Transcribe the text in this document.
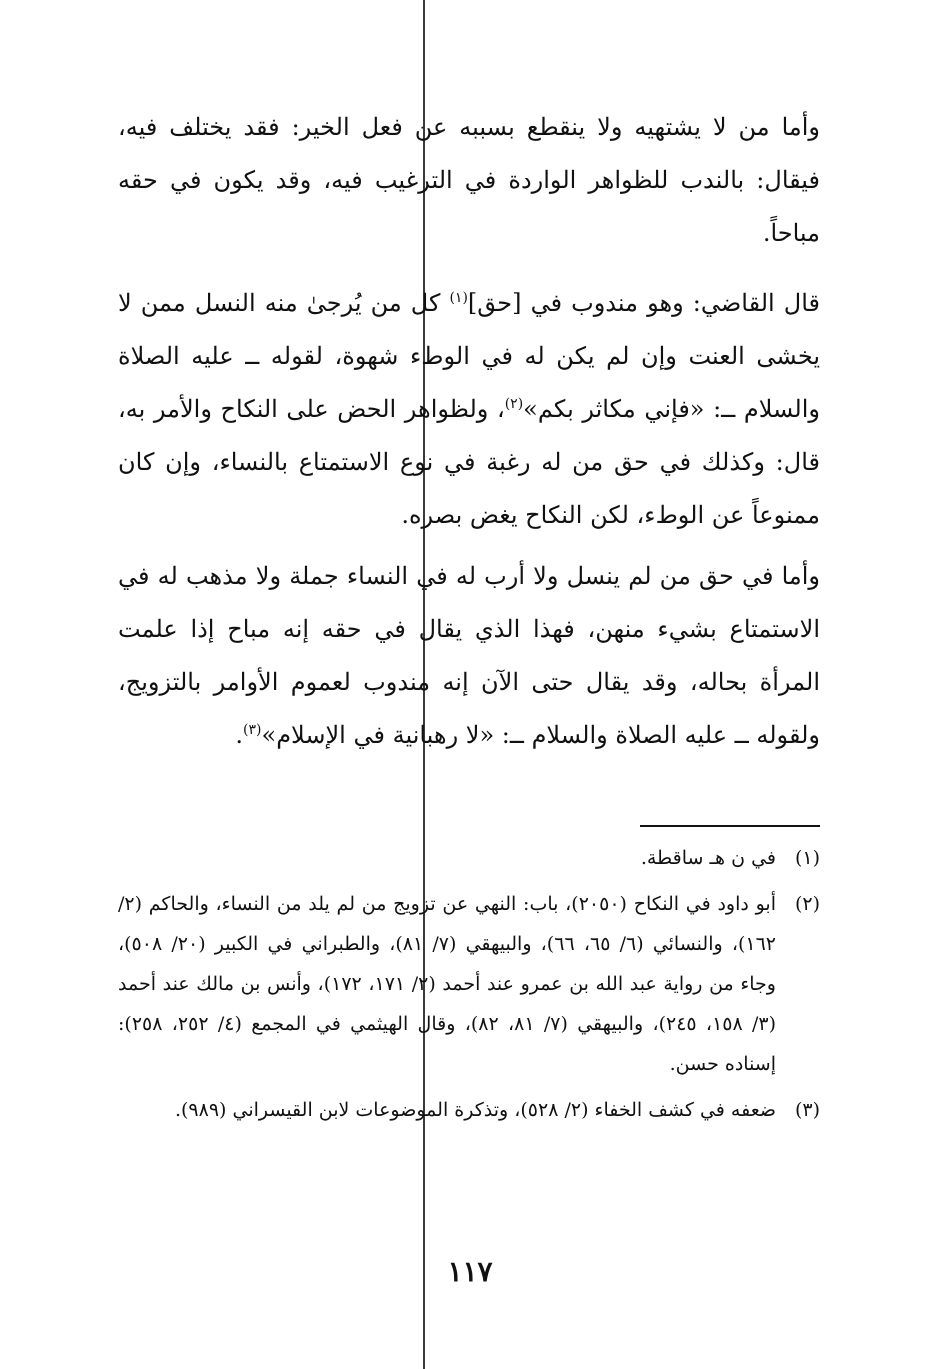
وأما من لا يشتهيه ولا ينقطع بسببه عن فعل الخير: فقد يختلف فيه، فيقال: بالندب للظواهر الواردة في الترغيب فيه، وقد يكون في حقه مباحاً.

قال القاضي: وهو مندوب في [حق]$^{(١)}$ كل من يُرجىٰ منه النسل ممن لا يخشى العنت وإن لم يكن له في الوطء شهوة، لقوله ــ عليه الصلاة والسلام ــ: «فإني مكاثر بكم»$^{(٢)}$، ولظواهر الحض على النكاح والأمر به، قال: وكذلك في حق من له رغبة في نوع الاستمتاع بالنساء، وإن كان ممنوعاً عن الوطء، لكن النكاح يغض بصره.

وأما في حق من لم ينسل ولا أرب له في النساء جملة ولا مذهب له في الاستمتاع بشيء منهن، فهذا الذي يقال في حقه إنه مباح إذا علمت المرأة بحاله، وقد يقال حتى الآن إنه مندوب لعموم الأوامر بالتزويج، ولقوله ــ عليه الصلاة والسلام ــ: «لا رهبانية في الإسلام»$^{(٣)}$.

(١)
في ن هـ ساقطة.
(٢)
أبو داود في النكاح (٢٠٥٠)، باب: النهي عن تزويج من لم يلد من النساء، والحاكم (٢/ ١٦٢)، والنسائي (٦/ ٦٥، ٦٦)، والبيهقي (٧/ ٨١)، والطبراني في الكبير (٢٠/ ٥٠٨)، وجاء من رواية عبد الله بن عمرو عند أحمد (٢/ ١٧١، ١٧٢)، وأنس بن مالك عند أحمد (٣/ ١٥٨، ٢٤٥)، والبيهقي (٧/ ٨١، ٨٢)، وقال الهيثمي في المجمع (٤/ ٢٥٢، ٢٥٨): إسناده حسن.
(٣)
ضعفه في كشف الخفاء (٢/ ٥٢٨)، وتذكرة الموضوعات لابن القيسراني (٩٨٩).
١١٧
